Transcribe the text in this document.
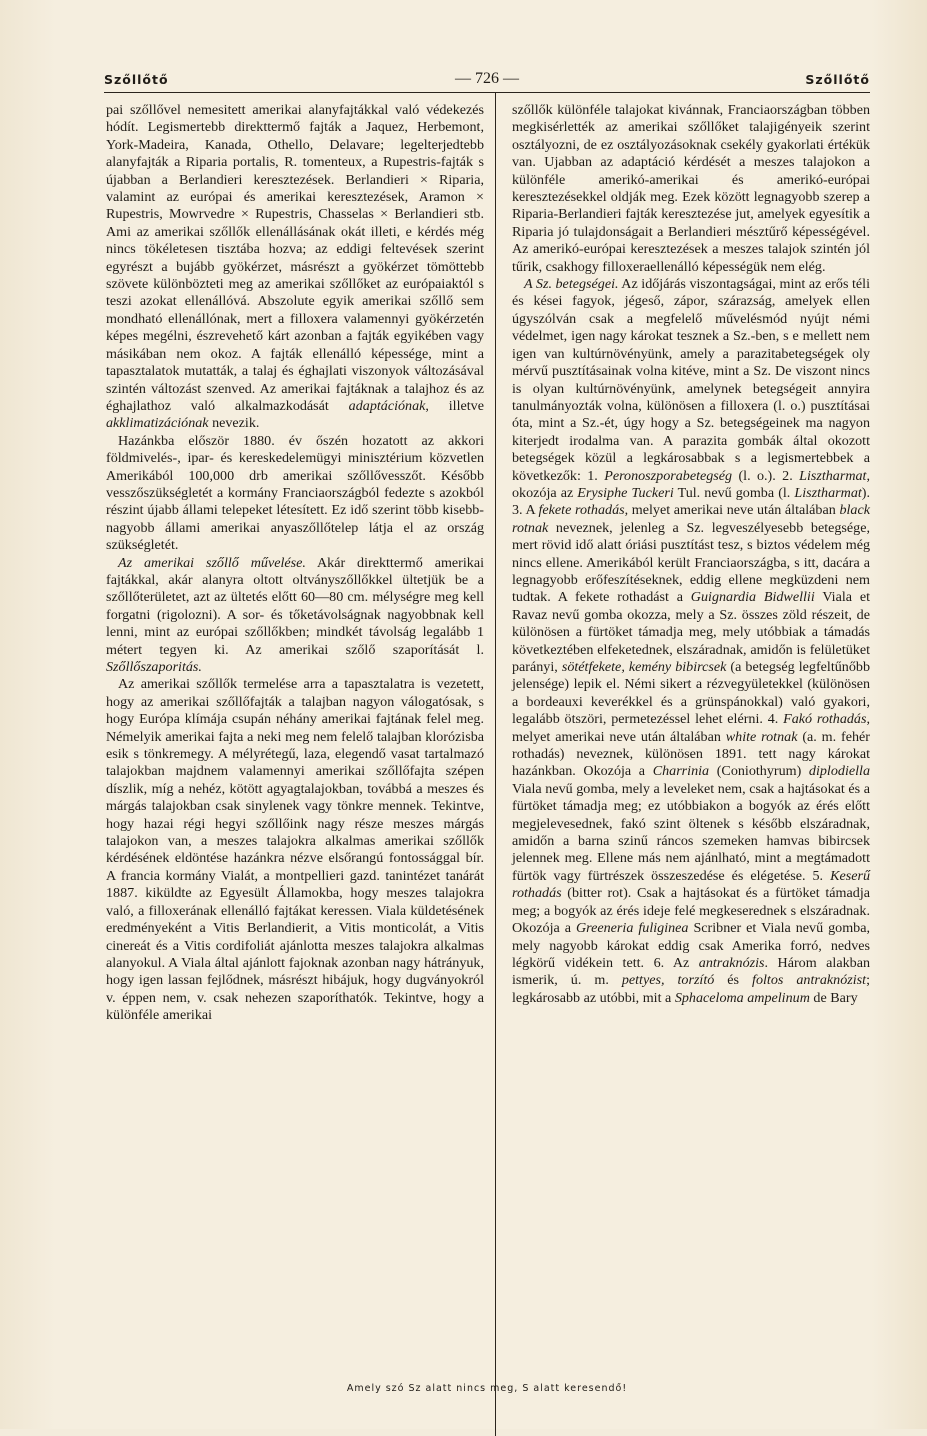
Szőllőtő	— 726 —	Szőllőtő

pai szőllővel nemesitett amerikai alanyfajtákkal való védekezés hódít. Legismertebb direkttermő fajták a Jaquez, Herbemont, York-Madeira, Kanada, Othello, Delavare; legelterjedtebb alanyfajták a Riparia portalis, R. tomenteux, a Rupestris-fajták s újabban a Berlandieri keresztezések. Berlandieri × Riparia, valamint az európai és amerikai keresztezések, Aramon × Rupestris, Mowrvedre × Rupestris, Chasselas × Berlandieri stb. Ami az amerikai szőllők ellenállásának okát illeti, e kérdés még nincs tökéletesen tisztába hozva; az eddigi feltevések szerint egyrészt a bujább gyökérzet, másrészt a gyökérzet tömöttebb szövete különbözteti meg az amerikai szőllőket az európaiaktól s teszi azokat ellenállóvá. Abszolute egyik amerikai szőllő sem mondható ellenállónak, mert a filloxera valamennyi gyökérzetén képes megélni, észrevehető kárt azonban a fajták egyikében vagy másikában nem okoz. A fajták ellenálló képessége, mint a tapasztalatok mutatták, a talaj és éghajlati viszonyok változásával szintén változást szenved. Az amerikai fajtáknak a talajhoz és az éghajlathoz való alkalmazkodását adaptációnak, illetve akklimatizációnak nevezik.

Hazánkba először 1880. év őszén hozatott az akkori földmivelés-, ipar- és kereskedelemügyi minisztérium közvetlen Amerikából 100,000 drb amerikai szőllővesszőt. Később vesszőszükségletét a kormány Franciaországból fedezte s azokból részint újabb állami telepeket létesített. Ez idő szerint több kisebb-nagyobb állami amerikai anyaszőllőtelep látja el az ország szükségletét.

Az amerikai szőllő művelése. Akár direkttermő amerikai fajtákkal, akár alanyra oltott oltványszőllőkkel ültetjük be a szőllőterületet, azt az ültetés előtt 60—80 cm. mélységre meg kell forgatni (rigolozni). A sor- és tőketávolságnak nagyobbnak kell lenni, mint az európai szőllőkben; mindkét távolság legalább 1 métert tegyen ki. Az amerikai szőlő szaporítását l. Szőllőszaporitás.

Az amerikai szőllők termelése arra a tapasztalatra is vezetett, hogy az amerikai szőllőfajták a talajban nagyon válogatósak, s hogy Európa klímája csupán néhány amerikai fajtának felel meg. Némelyik amerikai fajta a neki meg nem felelő talajban klorózisba esik s tönkremegy. A mélyrétegű, laza, elegendő vasat tartalmazó talajokban majdnem valamennyi amerikai szőllőfajta szépen díszlik, míg a nehéz, kötött agyagtalajokban, továbbá a meszes és márgás talajokban csak sinylenek vagy tönkre mennek. Tekintve, hogy hazai régi hegyi szőllőink nagy része meszes márgás talajokon van, a meszes talajokra alkalmas amerikai szőllők kérdésének eldöntése hazánkra nézve elsőrangú fontossággal bír. A francia kormány Vialát, a montpellieri gazd. tanintézet tanárát 1887. kiküldte az Egyesült Államokba, hogy meszes talajokra való, a filloxerának ellenálló fajtákat keressen. Viala küldetésének eredményeként a Vitis Berlandierit, a Vitis monticolát, a Vitis cinereát és a Vitis cordifoliát ajánlotta meszes talajokra alkalmas alanyokul. A Viala által ajánlott fajoknak azonban nagy hátrányuk, hogy igen lassan fejlődnek, másrészt hibájuk, hogy dugványokról v. éppen nem, v. csak nehezen szaporíthatók. Tekintve, hogy a különféle amerikai

szőllők különféle talajokat kivánnak, Franciaországban többen megkisérlették az amerikai szőllőket talajigényeik szerint osztályozni, de ez osztályozásoknak csekély gyakorlati értékük van. Ujabban az adaptáció kérdését a meszes talajokon a különféle amerikó-amerikai és amerikó-európai keresztezésekkel oldják meg. Ezek között legnagyobb szerep a Riparia-Berlandieri fajták keresztezése jut, amelyek egyesítik a Riparia jó tulajdonságait a Berlandieri mésztűrő képességével. Az amerikó-európai keresztezések a meszes talajok szintén jól tűrik, csakhogy filloxeraellenálló képességük nem elég.

A Sz. betegségei. Az időjárás viszontagságai, mint az erős téli és kései fagyok, jégeső, zápor, szárazság, amelyek ellen úgyszólván csak a megfelelő művelésmód nyújt némi védelmet, igen nagy károkat tesznek a Sz.-ben, s e mellett nem igen van kultúrnövényünk, amely a parazitabetegségek oly mérvű pusztításainak volna kitéve, mint a Sz. De viszont nincs is olyan kultúrnövényünk, amelynek betegségeit annyira tanulmányozták volna, különösen a filloxera (l. o.) pusztításai óta, mint a Sz.-ét, úgy hogy a Sz. betegségeinek ma nagyon kiterjedt irodalma van. A parazita gombák által okozott betegségek közül a legkárosabbak s a legismertebbek a következők: 1. Peronoszporabetegség (l. o.). 2. Lisztharmat, okozója az Erysiphe Tuckeri Tul. nevű gomba (l. Lisztharmat). 3. A fekete rothadás, melyet amerikai neve után általában black rotnak neveznek, jelenleg a Sz. legveszélyesebb betegsége, mert rövid idő alatt óriási pusztítást tesz, s biztos védelem még nincs ellene. Amerikából került Franciaországba, s itt, dacára a legnagyobb erőfeszítéseknek, eddig ellene megküzdeni nem tudtak. A fekete rothadást a Guignardia Bidwellii Viala et Ravaz nevű gomba okozza, mely a Sz. összes zöld részeit, de különösen a fürtöket támadja meg, mely utóbbiak a támadás következtében elfeketednek, elszáradnak, amidőn is felületüket parányi, sötétfekete, kemény bibircsek (a betegség legfeltűnőbb jelensége) lepik el. Némi sikert a rézvegyületekkel (különösen a bordeauxi keverékkel és a grünspánokkal) való gyakori, legalább ötszöri, permetezéssel lehet elérni. 4. Fakó rothadás, melyet amerikai neve után általában white rotnak (a. m. fehér rothadás) neveznek, különösen 1891. tett nagy károkat hazánkban. Okozója a Charrinia (Coniothyrum) diplodiella Viala nevű gomba, mely a leveleket nem, csak a hajtásokat és a fürtöket támadja meg; ez utóbbiakon a bogyók az érés előtt megjelevesednek, fakó szint öltenek s később elszáradnak, amidőn a barna szinű ráncos szemeken hamvas bibircsek jelennek meg. Ellene más nem ajánlható, mint a megtámadott fürtök vagy fürtrészek összeszedése és elégetése. 5. Keserű rothadás (bitter rot). Csak a hajtásokat és a fürtöket támadja meg; a bogyók az érés ideje felé megkeserednek s elszáradnak. Okozója a Greeneria fuliginea Scribner et Viala nevű gomba, mely nagyobb károkat eddig csak Amerika forró, nedves légkörű vidékein tett. 6. Az antraknózis. Három alakban ismerik, ú. m. pettyes, torzító és foltos antraknózist; legkárosabb az utóbbi, mit a Sphaceloma ampelinum de Bary

Amely szó Sz alatt nincs meg, S alatt keresendő!
